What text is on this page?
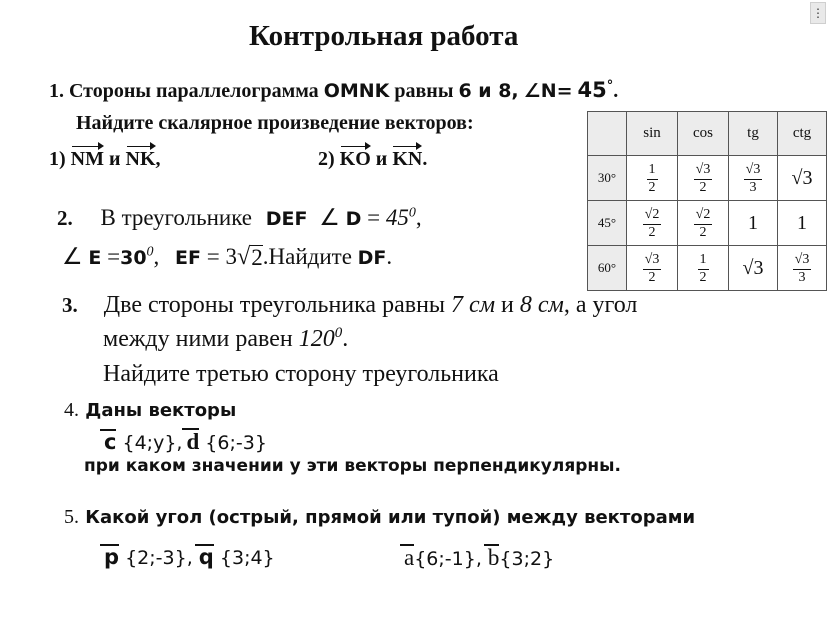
⋮
Контрольная работа
1. Стороны параллелограмма OMNK равны 6 и 8, ∠N= 45°.
Найдите скалярное произведение векторов:
1) NM и NK,	2) KO и KN.
	sin	cos	tg	ctg
30°	$\frac{1}{2}$	$\frac{√3}{2}$	$\frac{√3}{3}$	√3
45°	$\frac{√2}{2}$	$\frac{√2}{2}$	1	1
60°	$\frac{√3}{2}$	$\frac{1}{2}$	√3	$\frac{√3}{3}$
2. В треугольнике DEF ∠ $D = 45^0$,
∠ $E =30^0$, EF = 3 √ 2 .Найдите DF.
3. Две стороны треугольника равны 7 см и 8 см, а угол
между ними равен $120^0$.
Найдите третью сторону треугольника
4. Даны векторы
c {4;у}, d {6;-3}
при каком значении у эти векторы перпендикулярны.
5. Какой угол (острый, прямой или тупой) между векторами
p {2;-3}, q {3;4}	a{6;-1}, b{3;2}
